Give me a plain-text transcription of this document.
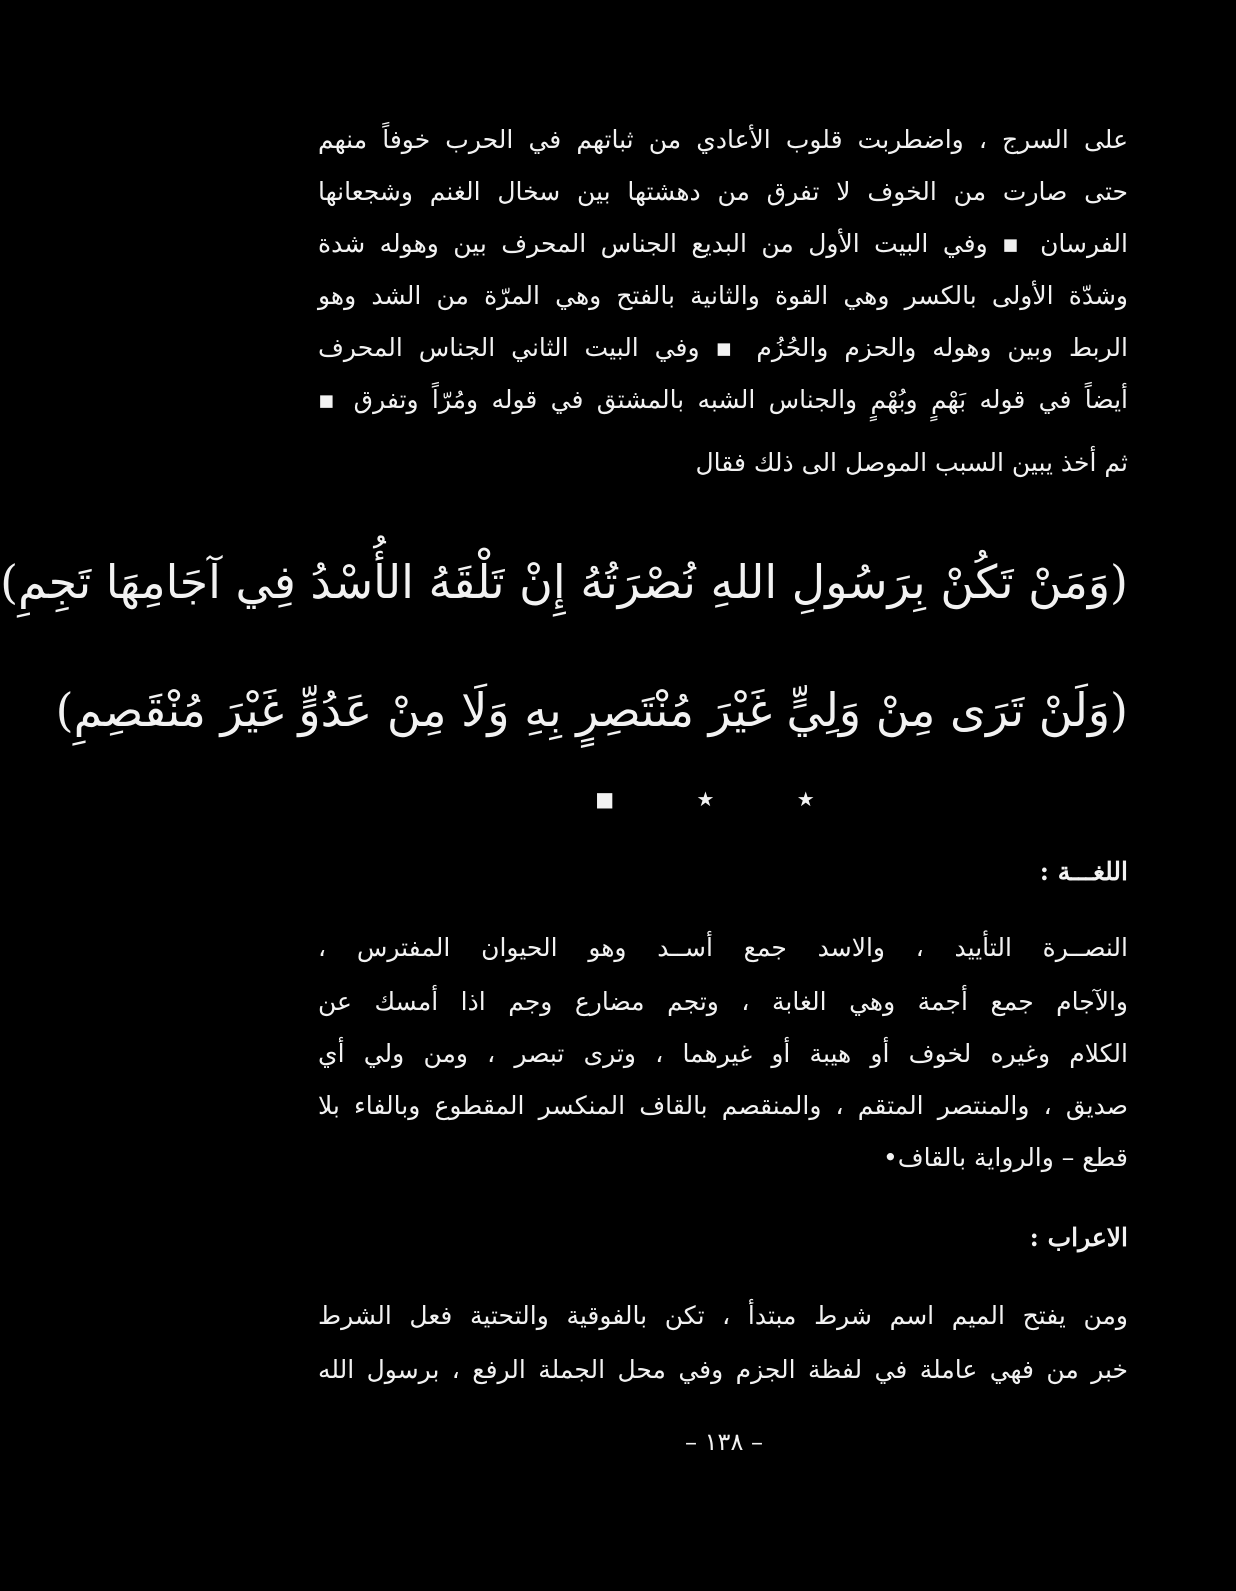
على السرج ، واضطربت قلوب الأعادي من ثباتهم في الحرب خوفاً منهم
حتى صارت من الخوف لا تفرق من دهشتها بين سخال الغنم وشجعانها
الفرسان ▪ وفي البيت الأول من البديع الجناس المحرف بين وهوله شدة
وشدّة الأولى بالكسر وهي القوة والثانية بالفتح وهي المرّة من الشد وهو
الربط وبين وهوله والحزم والحُزُم ▪ وفي البيت الثاني الجناس المحرف
أيضاً في قوله بَهْمٍ وبُهْمٍ والجناس الشبه بالمشتق في قوله ومُرّاً وتفرق ▪
ثم أخذ يبين السبب الموصل الى ذلك فقال
(وَمَنْ تَكُنْ بِرَسُولِ اللهِ نُصْرَتُهُ إِنْ تَلْقَهُ الأُسْدُ فِي آجَامِهَا تَجِمِ)
(وَلَنْ تَرَى مِنْ وَلِيٍّ غَيْرَ مُنْتَصِرٍ بِهِ وَلَا مِنْ عَدُوٍّ غَيْرَ مُنْقَصِمِ)
★ ★ ■
اللغـــة :
النصــرة التأييد ، والاسد جمع أســد وهو الحيوان المفترس ،
والآجام جمع أجمة وهي الغابة ، وتجم مضارع وجم اذا أمسك عن
الكلام وغيره لخوف أو هيبة أو غيرهما ، وترى تبصر ، ومن ولي أي
صديق ، والمنتصر المتقم ، والمنقصم بالقاف المنكسر المقطوع وبالفاء بلا
قطع – والرواية بالقاف•
الاعراب :
ومن يفتح الميم اسم شرط مبتدأ ، تكن بالفوقية والتحتية فعل الشرط
خبر من فهي عاملة في لفظة الجزم وفي محل الجملة الرفع ، برسول الله
– ١٣٨ –
